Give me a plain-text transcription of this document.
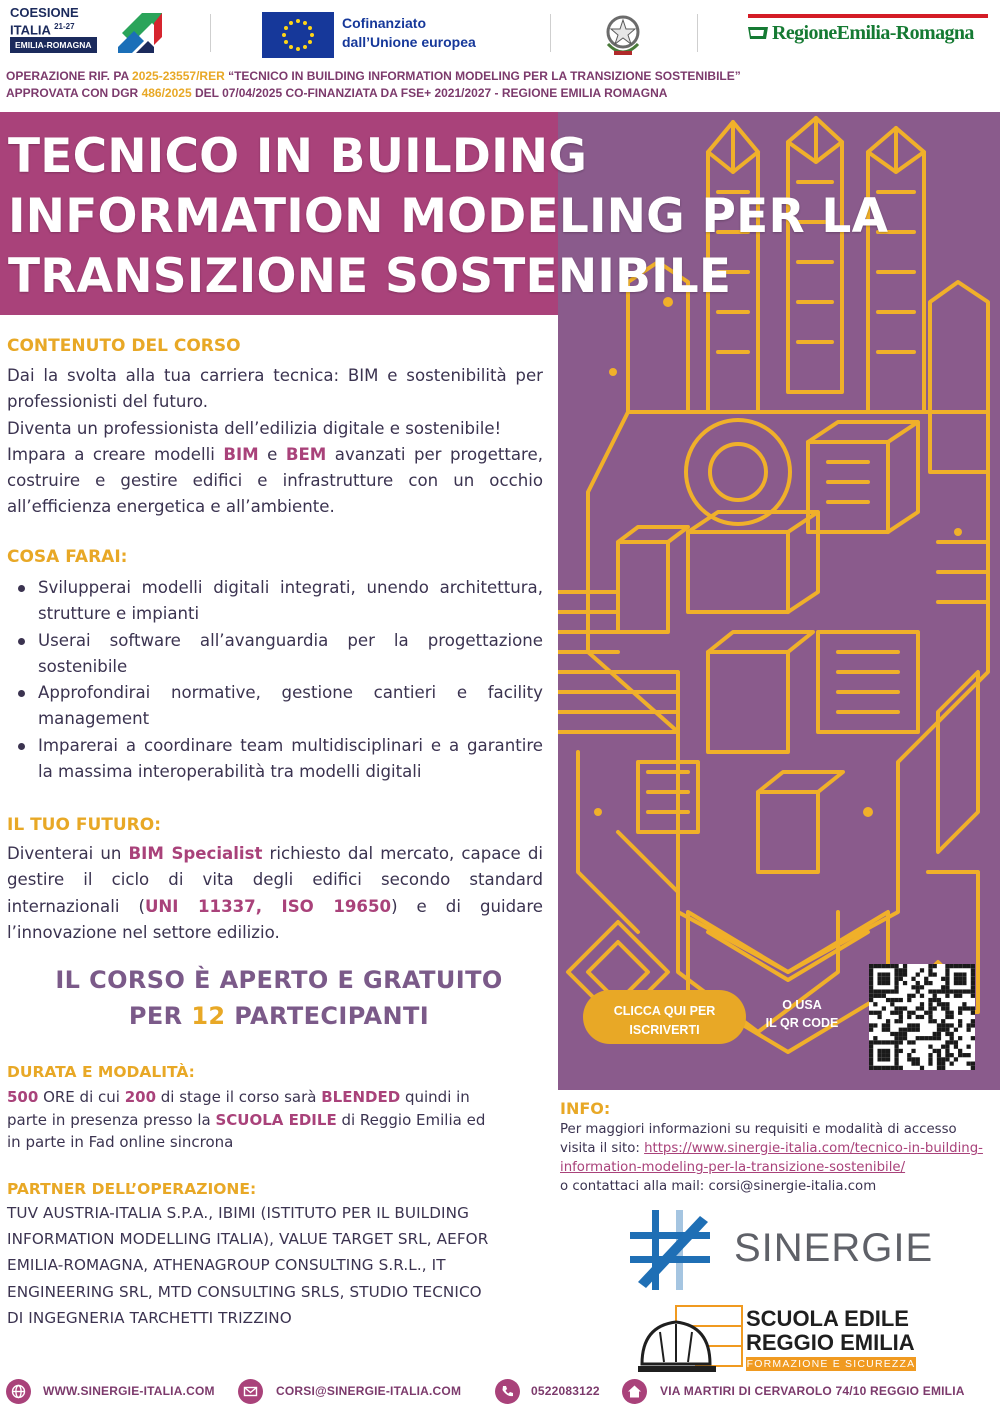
COESIONE
ITALIA $^{21-27}$
EMILIA-ROMAGNA
Cofinanziato
dall’Unione europea	RegioneEmilia-Romagna
OPERAZIONE RIF. PA 2025-23557/RER “TECNICO IN BUILDING INFORMATION MODELING PER LA TRANSIZIONE SOSTENIBILE”
APPROVATA CON DGR 486/2025 DEL 07/04/2025 CO-FINANZIATA DA FSE+ 2021/2027 - REGIONE EMILIA ROMAGNA
TECNICO IN BUILDING
INFORMATION MODELING PER LA
TRANSIZIONE SOSTENIBILE
CONTENUTO DEL CORSO

Dai la svolta alla tua carriera tecnica: BIM e sostenibilità per professionisti del futuro.

Diventa un professionista dell’edilizia digitale e sostenibile!

Impara a creare modelli BIM e BEM avanzati per progettare, costruire e gestire edifici e infrastrutture con un occhio all’efficienza energetica e all’ambiente.

COSA FARAI:
Svilupperai modelli digitali integrati, unendo architettura, strutture e impianti
Userai software all’avanguardia per la progettazione sostenibile
Approfondirai normative, gestione cantieri e facility management
Imparerai a coordinare team multidisciplinari e a garantire la massima interoperabilità tra modelli digitali
IL TUO FUTURO:

Diventerai un BIM Specialist richiesto dal mercato, capace di gestire il ciclo di vita degli edifici secondo standard internazionali (UNI 11337, ISO 19650) e di guidare l’innovazione nel settore edilizio.

IL CORSO È APERTO E GRATUITO
PER 12 PARTECIPANTI
DURATA E MODALITÀ:
500 ORE di cui 200 di stage il corso sarà BLENDED quindi in
parte in presenza presso la SCUOLA EDILE di Reggio Emilia ed
in parte in Fad online sincrona
PARTNER DELL’OPERAZIONE:
TUV AUSTRIA-ITALIA S.P.A., IBIMI (ISTITUTO PER IL BUILDING
INFORMATION MODELLING ITALIA), VALUE TARGET SRL, AEFOR
EMILIA-ROMAGNA, ATHENAGROUP CONSULTING S.R.L., IT
ENGINEERING SRL, MTD CONSULTING SRLS, STUDIO TECNICO
DI INGEGNERIA TARCHETTI TRIZZINO
CLICCA QUI PER
ISCRIVERTI
O USA
IL QR CODE
INFO:
Per maggiori informazioni su requisiti e modalità di accesso
visita il sito: https://www.sinergie-italia.com/tecnico-in-building-
information-modeling-per-la-transizione-sostenibile/
o contattaci alla mail: corsi@sinergie-italia.com
SINERGIE
SCUOLA EDILE
REGGIO EMILIA
FORMAZIONE E SICUREZZA
WWW.SINERGIE-ITALIA.COM	CORSI@SINERGIE-ITALIA.COM	0522083122	VIA MARTIRI DI CERVAROLO 74/10 REGGIO EMILIA
